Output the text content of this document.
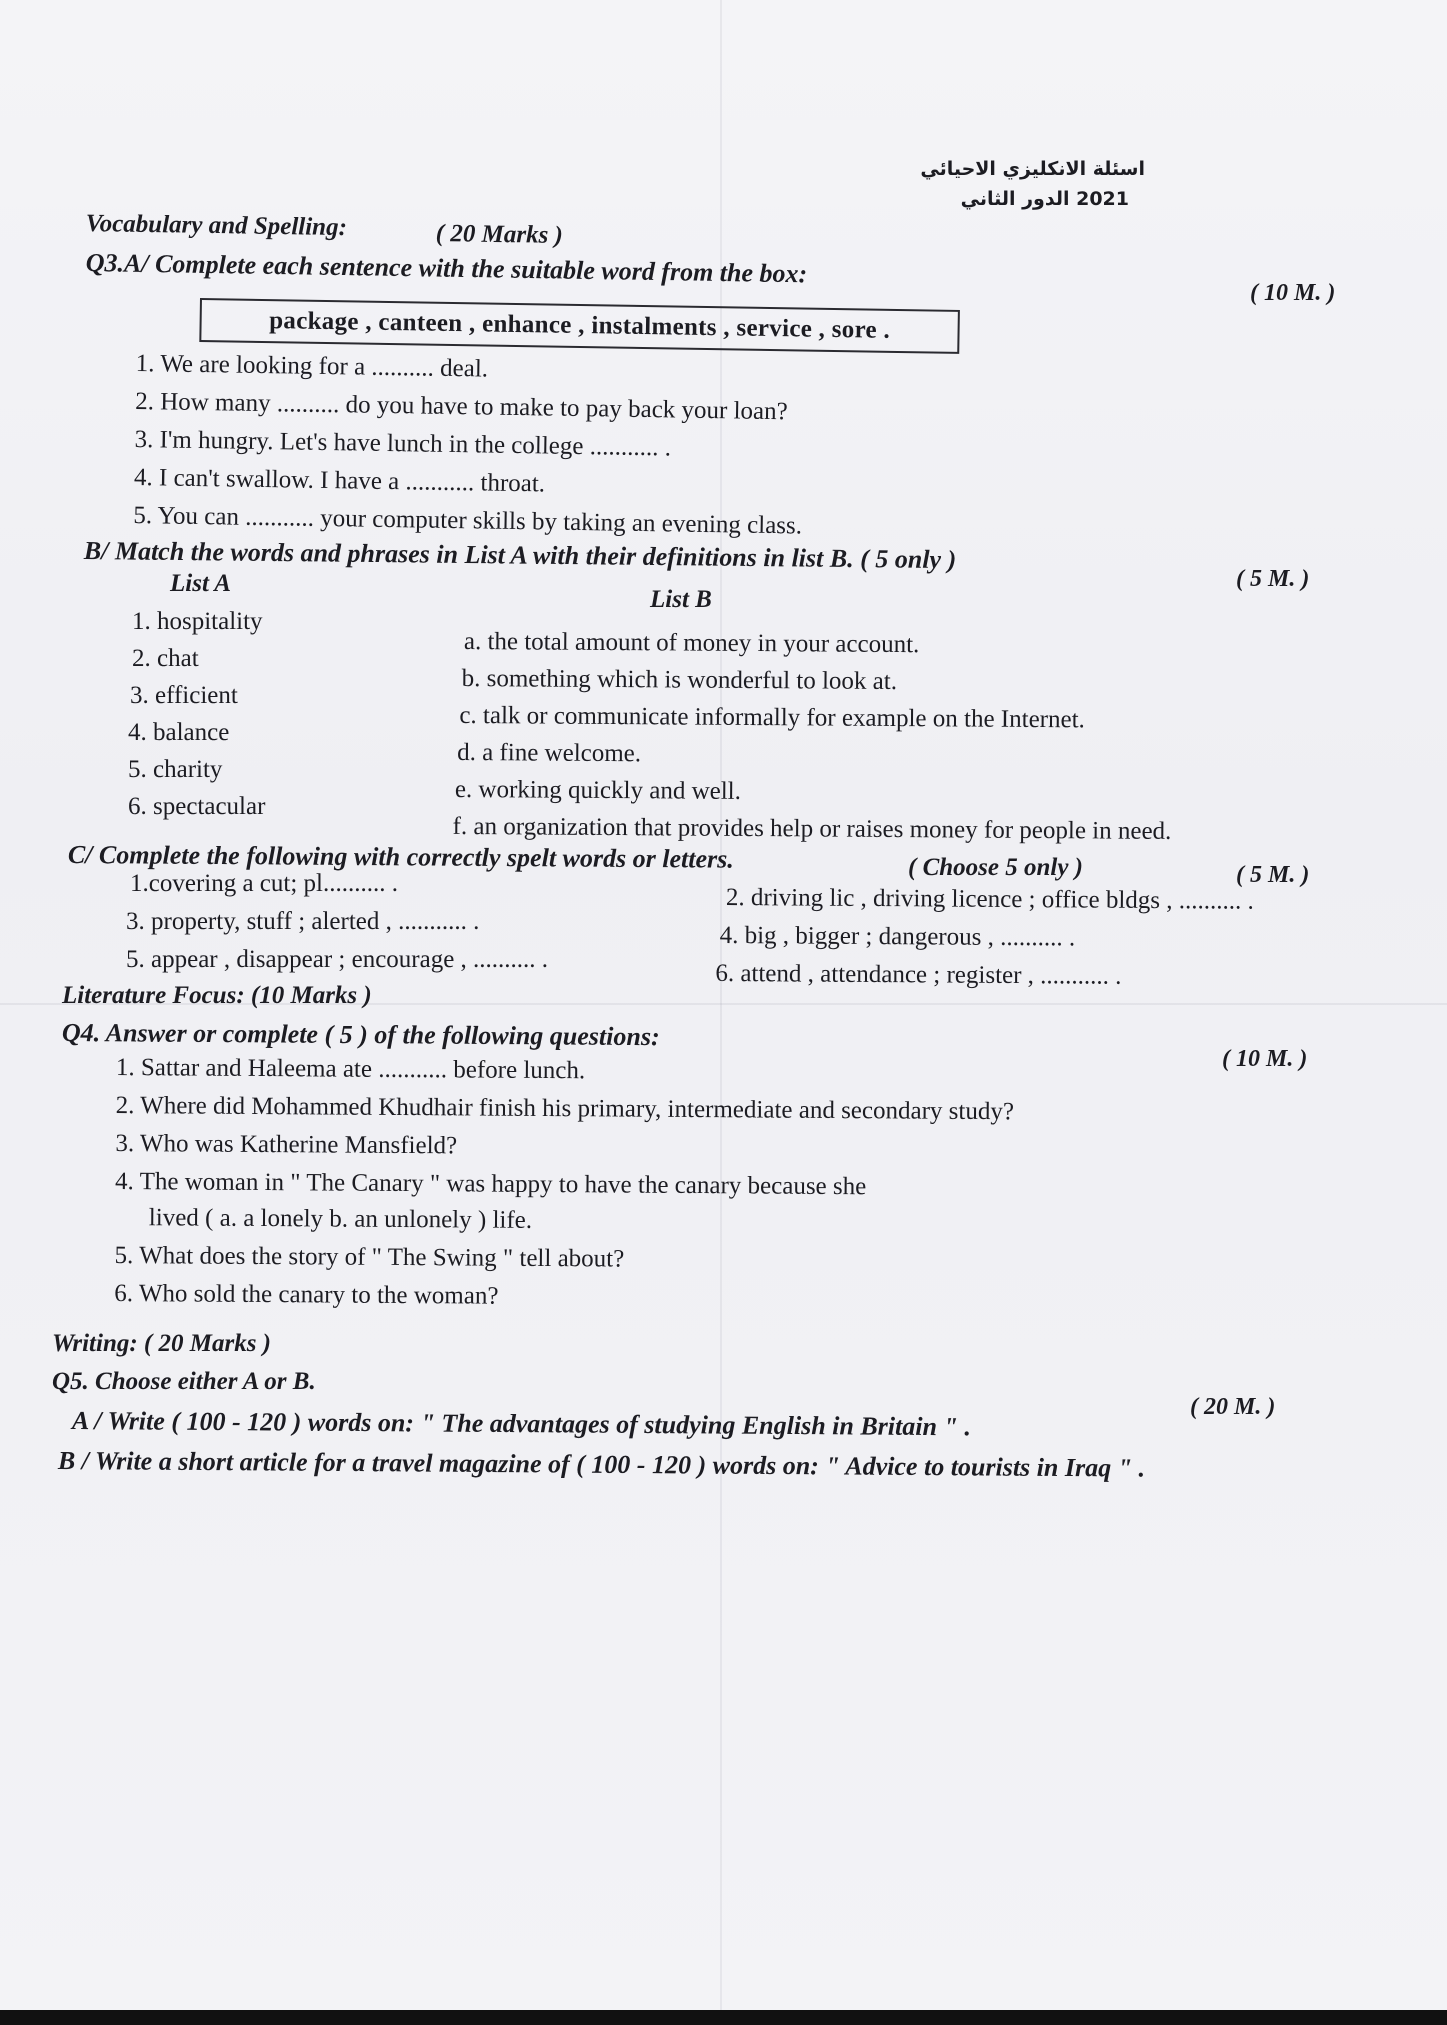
اسئلة الانكليزي الاحيائي
2021 الدور الثاني
Vocabulary and Spelling:	( 20 Marks )
Q3.A/ Complete each sentence with the suitable word from the box:
( 10 M. )
package , canteen , enhance , instalments , service , sore .
1. We are looking for a .......... deal.
2. How many .......... do you have to make to pay back your loan?
3. I'm hungry. Let's have lunch in the college ........... .
4. I can't swallow. I have a ........... throat.
5. You can ........... your computer skills by taking an evening class.
B/ Match the words and phrases in List A with their definitions in list B. ( 5 only )
( 5 M. )
List A
List B
1. hospitality
2. chat
3. efficient
4. balance
5. charity
6. spectacular
a. the total amount of money in your account.
b. something which is wonderful to look at.
c. talk or communicate informally for example on the Internet.
d. a fine welcome.
e. working quickly and well.
f. an organization that provides help or raises money for people in need.
C/ Complete the following with correctly spelt words or letters.	( Choose 5 only )	( 5 M. )
1.covering a cut; pl.......... .
3. property, stuff ; alerted , ........... .
5. appear , disappear ; encourage , .......... .
2. driving lic , driving licence ; office bldgs , .......... .
4. big , bigger ; dangerous , .......... .
6. attend , attendance ; register , ........... .
Literature Focus: (10 Marks )
Q4. Answer or complete ( 5 ) of the following questions:
( 10 M. )
1. Sattar and Haleema ate ........... before lunch.
2. Where did Mohammed Khudhair finish his primary, intermediate and secondary study?
3. Who was Katherine Mansfield?
4. The woman in " The Canary " was happy to have the canary because she
lived ( a. a lonely b. an unlonely ) life.
5. What does the story of " The Swing " tell about?
6. Who sold the canary to the woman?
Writing: ( 20 Marks )
Q5. Choose either A or B.
( 20 M. )
A / Write ( 100 - 120 ) words on: " The advantages of studying English in Britain " .
B / Write a short article for a travel magazine of ( 100 - 120 ) words on: " Advice to tourists in Iraq " .
